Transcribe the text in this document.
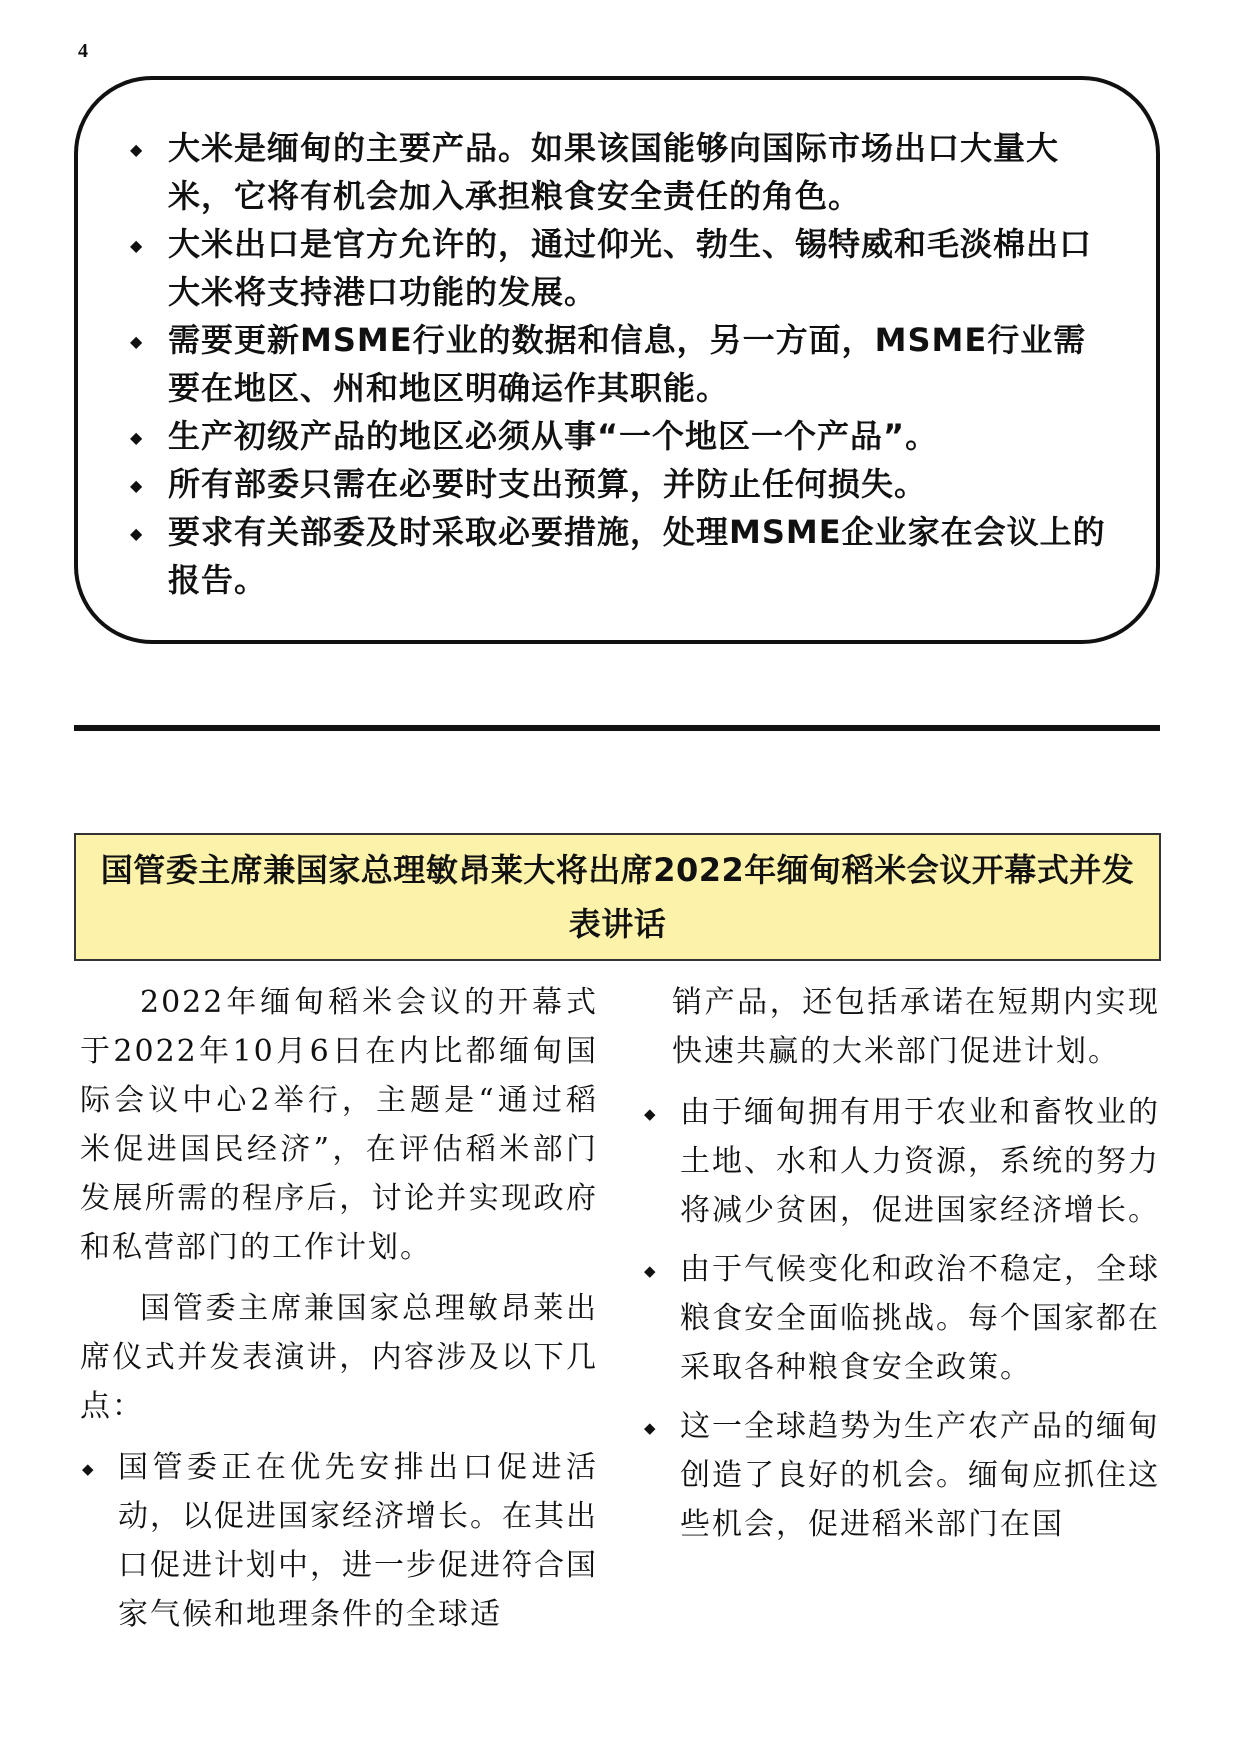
4
◆ 大米是缅甸的主要产品。如果该国能够向国际市场出口大量大米，它将有机会加入承担粮食安全责任的角色。
◆ 大米出口是官方允许的，通过仰光、勃生、锡特威和毛淡棉出口大米将支持港口功能的发展。
◆ 需要更新MSME行业的数据和信息，另一方面，MSME行业需要在地区、州和地区明确运作其职能。
◆ 生产初级产品的地区必须从事“一个地区一个产品”。
◆ 所有部委只需在必要时支出预算，并防止任何损失。
◆ 要求有关部委及时采取必要措施，处理MSME企业家在会议上的报告。
国管委主席兼国家总理敏昂莱大将出席2022年缅甸稻米会议开幕式并发表讲话

2022年缅甸稻米会议的开幕式于2022年10月6日在内比都缅甸国际会议中心2举行，主题是“通过稻米促进国民经济”，在评估稻米部门发展所需的程序后，讨论并实现政府和私营部门的工作计划。

国管委主席兼国家总理敏昂莱出席仪式并发表演讲，内容涉及以下几点：

◆ 国管委正在优先安排出口促进活动，以促进国家经济增长。在其出口促进计划中，进一步促进符合国家气候和地理条件的全球适

销产品，还包括承诺在短期内实现快速共赢的大米部门促进计划。

◆ 由于缅甸拥有用于农业和畜牧业的土地、水和人力资源，系统的努力将减少贫困，促进国家经济增长。
◆ 由于气候变化和政治不稳定，全球粮食安全面临挑战。每个国家都在采取各种粮食安全政策。
◆ 这一全球趋势为生产农产品的缅甸创造了良好的机会。缅甸应抓住这些机会，促进稻米部门在国
